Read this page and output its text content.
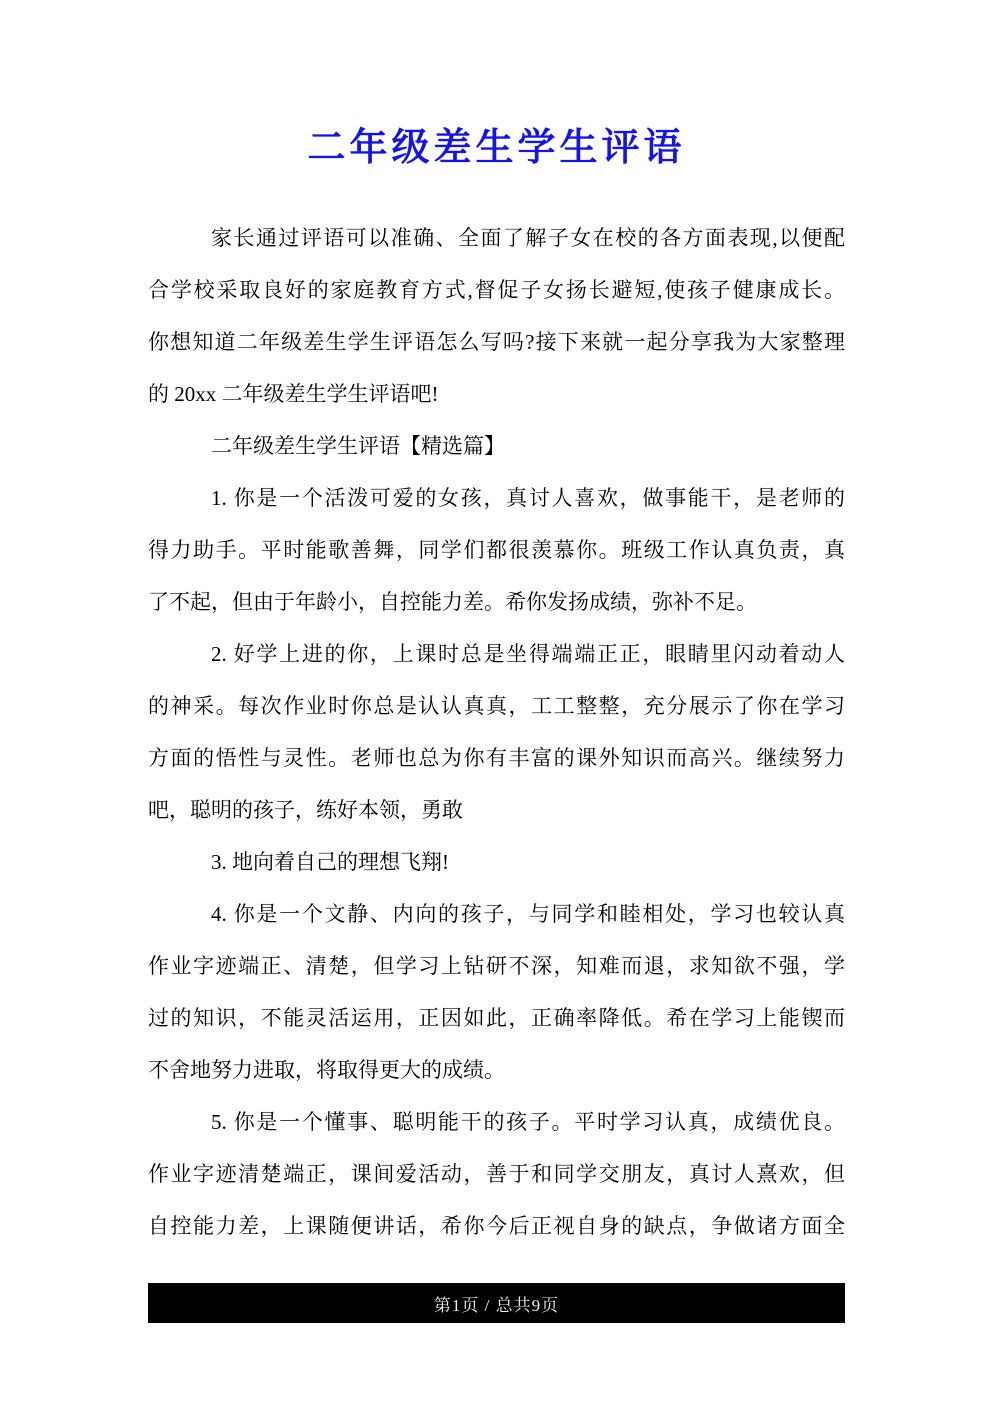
二年级差生学生评语
家长通过评语可以准确、全面了解子女在校的各方面表现,以便配
合学校采取良好的家庭教育方式,督促子女扬长避短,使孩子健康成长。
你想知道二年级差生学生评语怎么写吗?接下来就一起分享我为大家整理
的 20xx 二年级差生学生评语吧!
二年级差生学生评语【精选篇】
1. 你是一个活泼可爱的女孩，真讨人喜欢，做事能干，是老师的
得力助手。平时能歌善舞，同学们都很羡慕你。班级工作认真负责，真
了不起，但由于年龄小，自控能力差。希你发扬成绩，弥补不足。
2. 好学上进的你，上课时总是坐得端端正正，眼睛里闪动着动人
的神采。每次作业时你总是认认真真，工工整整，充分展示了你在学习
方面的悟性与灵性。老师也总为你有丰富的课外知识而高兴。继续努力
吧，聪明的孩子，练好本领，勇敢
3. 地向着自己的理想飞翔!
4. 你是一个文静、内向的孩子，与同学和睦相处，学习也较认真
作业字迹端正、清楚，但学习上钻研不深，知难而退，求知欲不强，学
过的知识，不能灵活运用，正因如此，正确率降低。希在学习上能锲而
不舍地努力进取，将取得更大的成绩。
5. 你是一个懂事、聪明能干的孩子。平时学习认真，成绩优良。
作业字迹清楚端正，课间爱活动，善于和同学交朋友，真讨人熹欢，但
自控能力差，上课随便讲话，希你今后正视自身的缺点，争做诸方面全
第1页 / 总共9页
